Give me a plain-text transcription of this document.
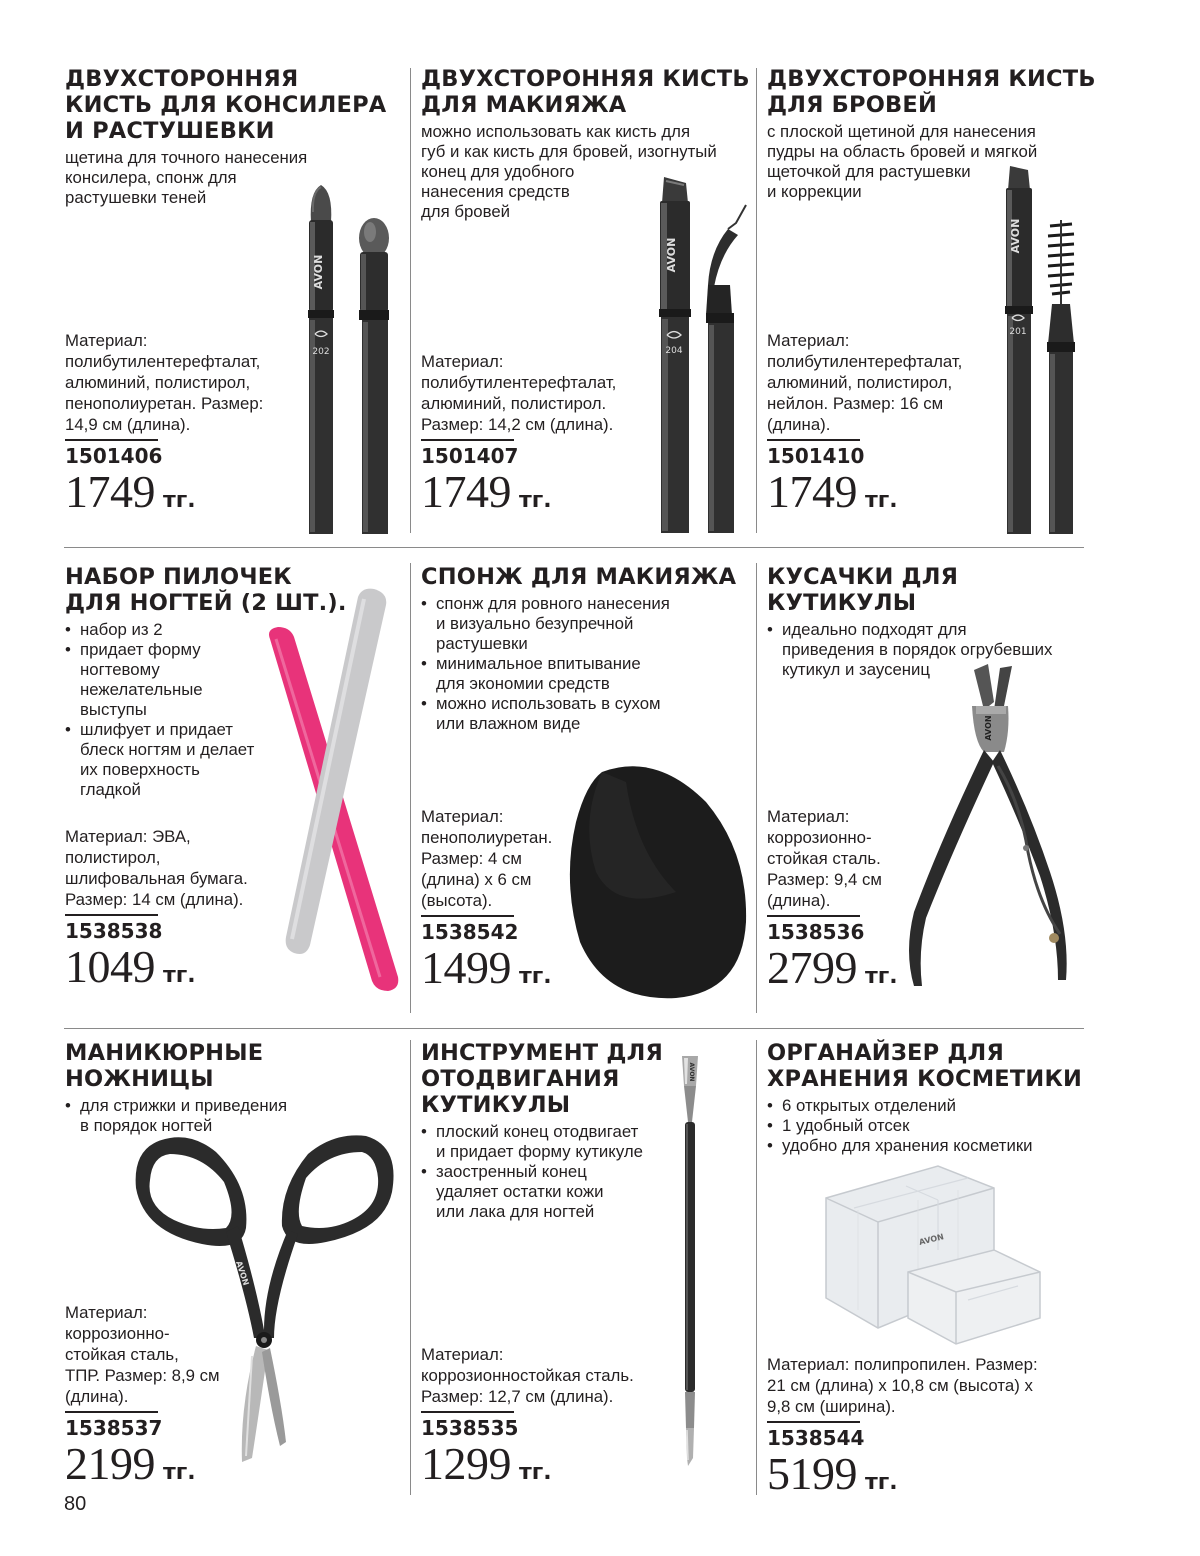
AVON
202
AVON
204
AVON
201
AVON
AVON
AVON
AVON
ДВУХСТОРОННЯЯ
КИСТЬ ДЛЯ КОНСИЛЕРА
И РАСТУШЕВКИ
щетина для точного нанесения
консилера, спонж для
растушевки теней
Материал:
полибутилентерефталат,
алюминий, полистирол,
пенополиуретан. Размер:
14,9 см (длина).
1501406
1749 тг.
ДВУХСТОРОННЯЯ КИСТЬ
ДЛЯ МАКИЯЖА
можно использовать как кисть для
губ и как кисть для бровей, изогнутый
конец для удобного
нанесения средств
для бровей
Материал:
полибутилентерефталат,
алюминий, полистирол.
Размер: 14,2 см (длина).
1501407
1749 тг.
ДВУХСТОРОННЯЯ КИСТЬ
ДЛЯ БРОВЕЙ
с плоской щетиной для нанесения
пудры на область бровей и мягкой
щеточкой для растушевки
и коррекции
Материал:
полибутилентерефталат,
алюминий, полистирол,
нейлон. Размер: 16 см
(длина).
1501410
1749 тг.
НАБОР ПИЛОЧЕК
ДЛЯ НОГТЕЙ (2 ШТ.).
• набор из 2
• придает форму
ногтевому
нежелательные
выступы
• шлифует и придает
блеск ногтям и делает
их поверхность
гладкой
Материал: ЭВА,
полистирол,
шлифовальная бумага.
Размер: 14 см (длина).
1538538
1049 тг.
СПОНЖ ДЛЯ МАКИЯЖА
• спонж для ровного нанесения
и визуально безупречной
растушевки
• минимальное впитывание
для экономии средств
• можно использовать в сухом
или влажном виде
Материал:
пенополиуретан.
Размер: 4 см
(длина) х 6 см
(высота).
1538542
1499 тг.
КУСАЧКИ ДЛЯ КУТИКУЛЫ
• идеально подходят для
приведения в порядок огрубевших
кутикул и заусениц
Материал:
коррозионно-
стойкая сталь.
Размер: 9,4 см
(длина).
1538536
2799 тг.
МАНИКЮРНЫЕ НОЖНИЦЫ
• для стрижки и приведения
в порядок ногтей
Материал:
коррозионно-
стойкая сталь,
ТПР. Размер: 8,9 см
(длина).
1538537
2199 тг.
ИНСТРУМЕНТ ДЛЯ
ОТОДВИГАНИЯ
КУТИКУЛЫ
• плоский конец отодвигает
и придает форму кутикуле
• заостренный конец
удаляет остатки кожи
или лака для ногтей
Материал:
коррозионностойкая сталь.
Размер: 12,7 см (длина).
1538535
1299 тг.
ОРГАНАЙЗЕР ДЛЯ
ХРАНЕНИЯ КОСМЕТИКИ
• 6 открытых отделений
• 1 удобный отсек
• удобно для хранения косметики
Материал: полипропилен. Размер:
21 см (длина) х 10,8 см (высота) х
9,8 см (ширина).
1538544
5199 тг.
80
